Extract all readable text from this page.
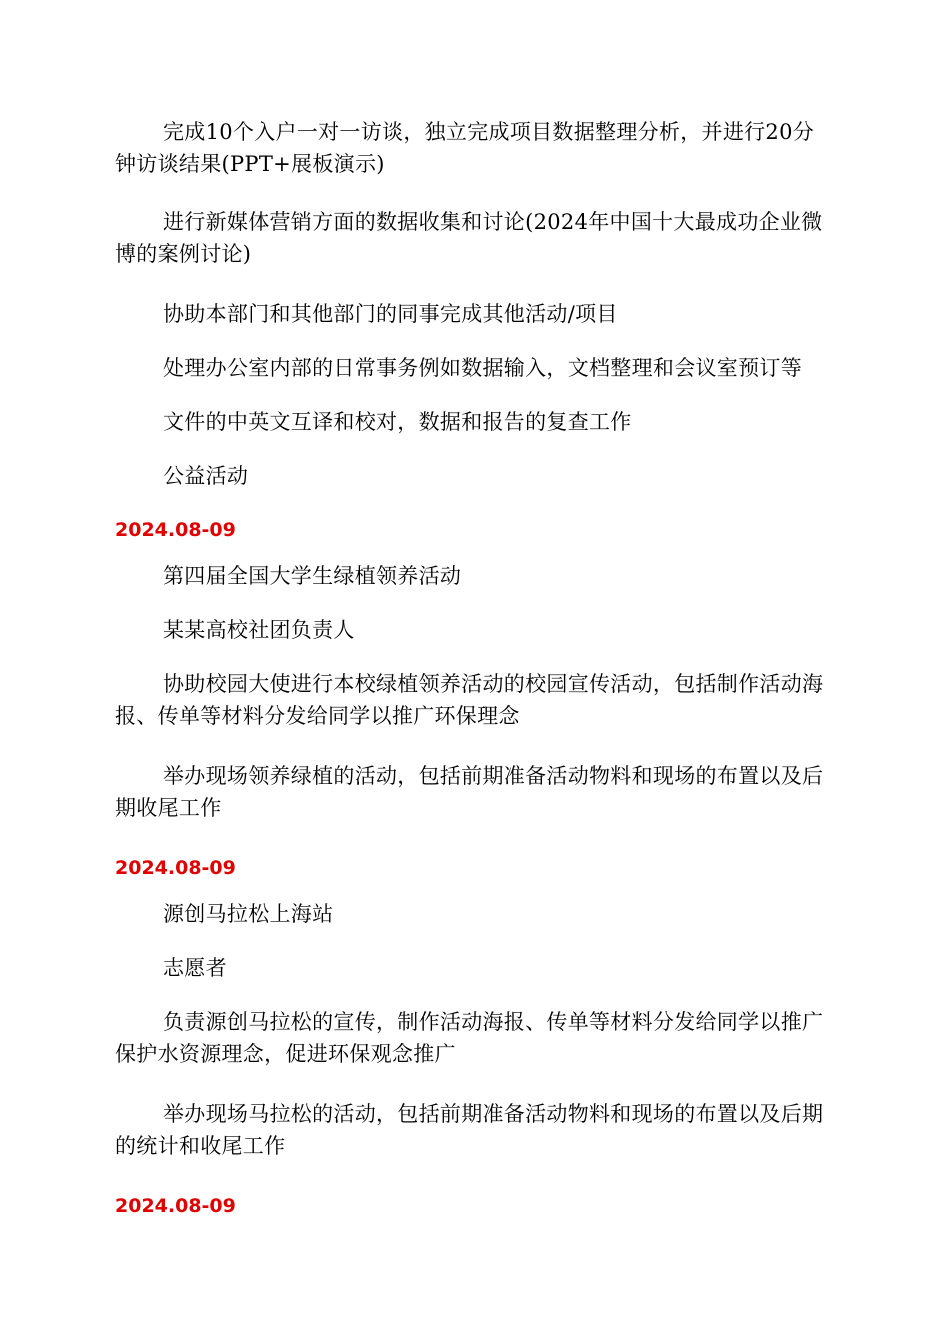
完成10个入户一对一访谈，独立完成项目数据整理分析，并进行20分钟访谈结果(PPT+展板演示)

进行新媒体营销方面的数据收集和讨论(2024年中国十大最成功企业微博的案例讨论)

协助本部门和其他部门的同事完成其他活动/项目

处理办公室内部的日常事务例如数据输入，文档整理和会议室预订等

文件的中英文互译和校对，数据和报告的复查工作

公益活动

2024.08-09

第四届全国大学生绿植领养活动

某某高校社团负责人

协助校园大使进行本校绿植领养活动的校园宣传活动，包括制作活动海报、传单等材料分发给同学以推广环保理念

举办现场领养绿植的活动，包括前期准备活动物料和现场的布置以及后期收尾工作

2024.08-09

源创马拉松上海站

志愿者

负责源创马拉松的宣传，制作活动海报、传单等材料分发给同学以推广保护水资源理念，促进环保观念推广

举办现场马拉松的活动，包括前期准备活动物料和现场的布置以及后期的统计和收尾工作

2024.08-09
